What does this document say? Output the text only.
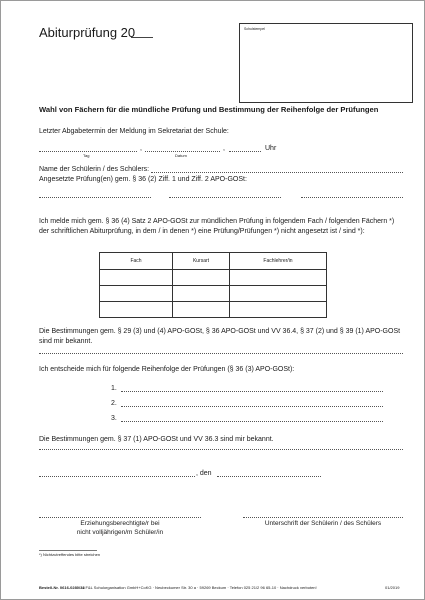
Abiturprüfung 20	Schulstempel
Wahl von Fächern für die mündliche Prüfung und Bestimmung der Reihenfolge der Prüfungen
Letzter Abgabetermin der Meldung im Sekretariat der Schule:
,	,	Uhr
Tag	Datum
Name der Schülerin / des Schülers:
Angesetzte Prüfung(en) gem. § 36 (2) Ziff. 1 und Ziff. 2 APO-GOSt:
Ich melde mich gem. § 36 (4) Satz 2 APO-GOSt zur mündlichen Prüfung in folgendem Fach / folgenden Fächern *)
der schriftlichen Abiturprüfung, in dem / in denen *) eine Prüfung/Prüfungen *) nicht angesetzt ist / sind *):
Fach	Kursart	Fachlehrer/in

Die Bestimmungen gem. § 29 (3) und (4) APO-GOSt, § 36 APO-GOSt und VV 36.4, § 37 (2) und § 39 (1) APO-GOSt
sind mir bekannt.
Ich entscheide mich für folgende Reihenfolge der Prüfungen (§ 36 (3) APO-GOSt):
1.
2.
3.
Die Bestimmungen gem. § 37 (1) APO-GOSt und VV 36.3 sind mir bekannt.
, den
Erziehungsberechtigte/r bei
nicht volljährigen/m Schüler/in
Unterschrift der Schülerin / des Schülers
*) Nichtzutreffendes bitte streichen
Bestell-Nr. 0616-0280/38
• F&L Schulorganisation GmbH+CoKG · Neubeckumer Str. 30 a · 59269 Beckum · Telefon 025 21/2 96 65-10 · Nachdruck verboten!	01/2019
